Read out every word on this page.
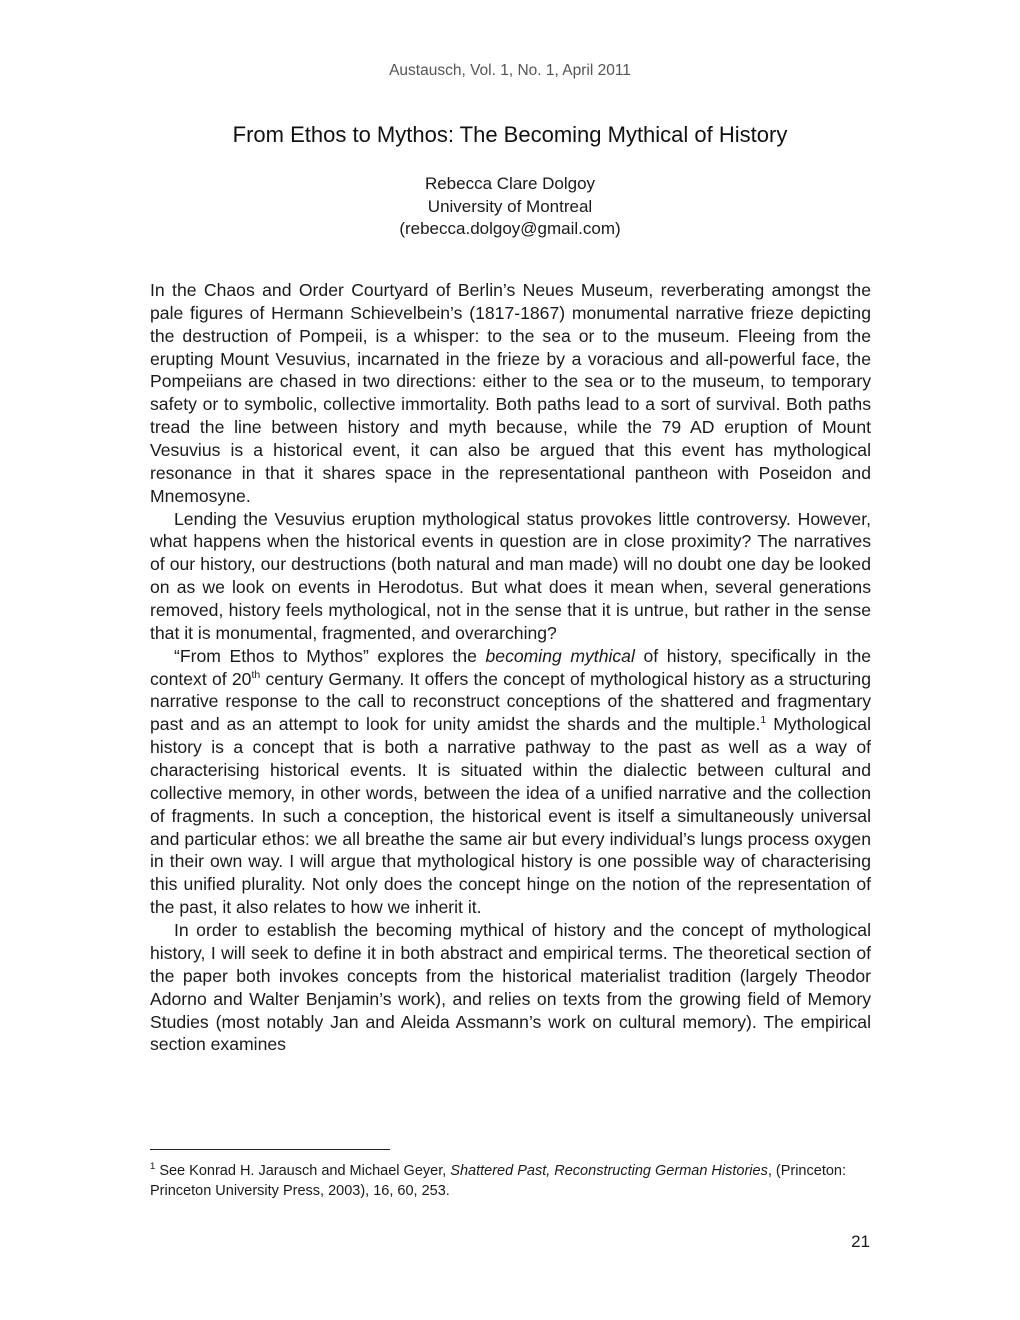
Austausch, Vol. 1, No. 1, April 2011
From Ethos to Mythos: The Becoming Mythical of History
Rebecca Clare Dolgoy
University of Montreal
(rebecca.dolgoy@gmail.com)

In the Chaos and Order Courtyard of Berlin’s Neues Museum, reverberating amongst the pale figures of Hermann Schievelbein’s (1817-1867) monumental narrative frieze depicting the destruction of Pompeii, is a whisper: to the sea or to the museum. Fleeing from the erupting Mount Vesuvius, incarnated in the frieze by a voracious and all-powerful face, the Pompeiians are chased in two directions: either to the sea or to the museum, to temporary safety or to symbolic, collective immortality. Both paths lead to a sort of survival. Both paths tread the line between history and myth because, while the 79 AD eruption of Mount Vesuvius is a historical event, it can also be argued that this event has mythological resonance in that it shares space in the representational pantheon with Poseidon and Mnemosyne.

Lending the Vesuvius eruption mythological status provokes little controversy. However, what happens when the historical events in question are in close proximity? The narratives of our history, our destructions (both natural and man made) will no doubt one day be looked on as we look on events in Herodotus. But what does it mean when, several generations removed, history feels mythological, not in the sense that it is untrue, but rather in the sense that it is monumental, fragmented, and overarching?

“From Ethos to Mythos” explores the becoming mythical of history, specifically in the context of 20th century Germany. It offers the concept of mythological history as a structuring narrative response to the call to reconstruct conceptions of the shattered and fragmentary past and as an attempt to look for unity amidst the shards and the multiple.$^1$ Mythological history is a concept that is both a narrative pathway to the past as well as a way of characterising historical events. It is situated within the dialectic between cultural and collective memory, in other words, between the idea of a unified narrative and the collection of fragments. In such a conception, the historical event is itself a simultaneously universal and particular ethos: we all breathe the same air but every individual’s lungs process oxygen in their own way. I will argue that mythological history is one possible way of characterising this unified plurality. Not only does the concept hinge on the notion of the representation of the past, it also relates to how we inherit it.

In order to establish the becoming mythical of history and the concept of mythological history, I will seek to define it in both abstract and empirical terms. The theoretical section of the paper both invokes concepts from the historical materialist tradition (largely Theodor Adorno and Walter Benjamin’s work), and relies on texts from the growing field of Memory Studies (most notably Jan and Aleida Assmann’s work on cultural memory). The empirical section examines

$^1$ See Konrad H. Jarausch and Michael Geyer, Shattered Past, Reconstructing German Histories, (Princeton: Princeton University Press, 2003), 16, 60, 253.
21
